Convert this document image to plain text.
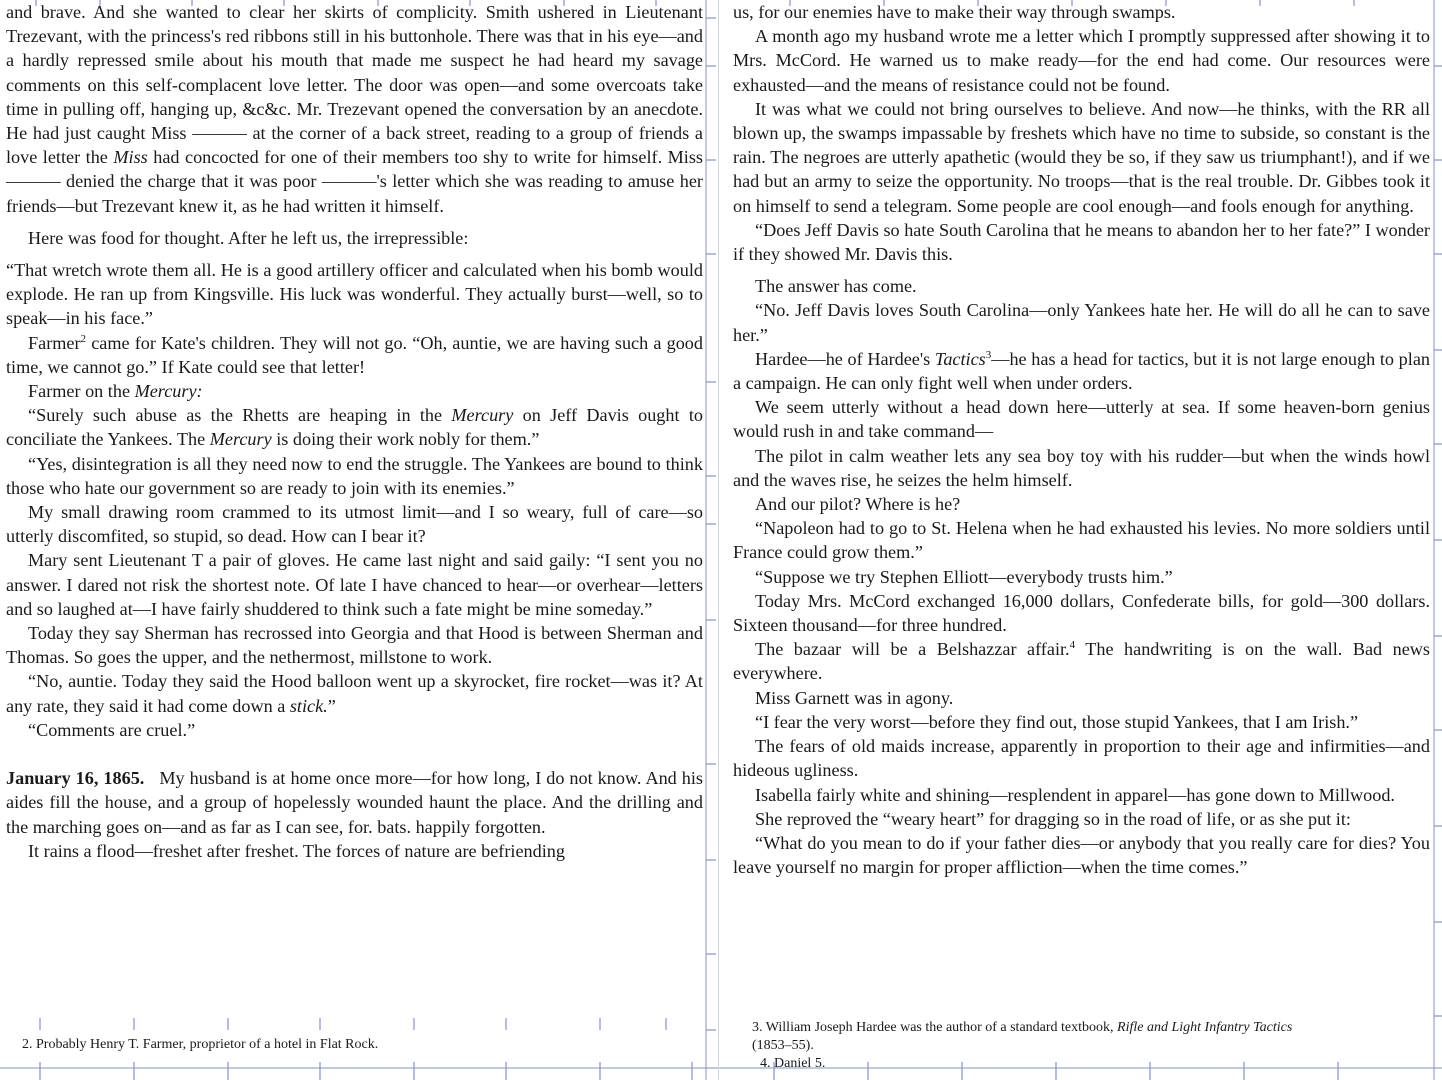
and brave. And she wanted to clear her skirts of complicity. Smith ushered in Lieutenant Trezevant, with the princess's red ribbons still in his buttonhole. There was that in his eye—and a hardly repressed smile about his mouth that made me suspect he had heard my savage comments on this self-complacent love letter. The door was open—and some overcoats take time in pulling off, hanging up, &c&c. Mr. Trezevant opened the conversation by an anecdote. He had just caught Miss ——— at the corner of a back street, reading to a group of friends a love letter the Miss had concocted for one of their members too shy to write for himself. Miss ——— denied the charge that it was poor ———'s letter which she was reading to amuse her friends—but Trezevant knew it, as he had written it himself.

Here was food for thought. After he left us, the irrepressible:

“That wretch wrote them all. He is a good artillery officer and calculated when his bomb would explode. He ran up from Kingsville. His luck was wonderful. They actually burst—well, so to speak—in his face.”

Farmer$^2$ came for Kate's children. They will not go. “Oh, auntie, we are having such a good time, we cannot go.” If Kate could see that letter!

Farmer on the Mercury:

“Surely such abuse as the Rhetts are heaping in the Mercury on Jeff Davis ought to conciliate the Yankees. The Mercury is doing their work nobly for them.”

“Yes, disintegration is all they need now to end the struggle. The Yankees are bound to think those who hate our government so are ready to join with its enemies.”

My small drawing room crammed to its utmost limit—and I so weary, full of care—so utterly discomfited, so stupid, so dead. How can I bear it?

Mary sent Lieutenant T a pair of gloves. He came last night and said gaily: “I sent you no answer. I dared not risk the shortest note. Of late I have chanced to hear—or overhear—letters and so laughed at—I have fairly shuddered to think such a fate might be mine someday.”

Today they say Sherman has recrossed into Georgia and that Hood is between Sherman and Thomas. So goes the upper, and the nethermost, millstone to work.

“No, auntie. Today they said the Hood balloon went up a skyrocket, fire rocket—was it? At any rate, they said it had come down a stick.”

“Comments are cruel.”

January 16, 1865. My husband is at home once more—for how long, I do not know. And his aides fill the house, and a group of hopelessly wounded haunt the place. And the drilling and the marching goes on—and as far as I can see, for. bats. happily forgotten.

It rains a flood—freshet after freshet. The forces of nature are befriending

us, for our enemies have to make their way through swamps.

A month ago my husband wrote me a letter which I promptly suppressed after showing it to Mrs. McCord. He warned us to make ready—for the end had come. Our resources were exhausted—and the means of resistance could not be found.

It was what we could not bring ourselves to believe. And now—he thinks, with the RR all blown up, the swamps impassable by freshets which have no time to subside, so constant is the rain. The negroes are utterly apathetic (would they be so, if they saw us triumphant!), and if we had but an army to seize the opportunity. No troops—that is the real trouble. Dr. Gibbes took it on himself to send a telegram. Some people are cool enough—and fools enough for anything.

“Does Jeff Davis so hate South Carolina that he means to abandon her to her fate?” I wonder if they showed Mr. Davis this.

The answer has come.

“No. Jeff Davis loves South Carolina—only Yankees hate her. He will do all he can to save her.”

Hardee—he of Hardee's Tactics$^3$—he has a head for tactics, but it is not large enough to plan a campaign. He can only fight well when under orders.

We seem utterly without a head down here—utterly at sea. If some heaven-born genius would rush in and take command—

The pilot in calm weather lets any sea boy toy with his rudder—but when the winds howl and the waves rise, he seizes the helm himself.

And our pilot? Where is he?

“Napoleon had to go to St. Helena when he had exhausted his levies. No more soldiers until France could grow them.”

“Suppose we try Stephen Elliott—everybody trusts him.”

Today Mrs. McCord exchanged 16,000 dollars, Confederate bills, for gold—300 dollars. Sixteen thousand—for three hundred.

The bazaar will be a Belshazzar affair.$^4$ The handwriting is on the wall. Bad news everywhere.

Miss Garnett was in agony.

“I fear the very worst—before they find out, those stupid Yankees, that I am Irish.”

The fears of old maids increase, apparently in proportion to their age and infirmities—and hideous ugliness.

Isabella fairly white and shining—resplendent in apparel—has gone down to Millwood.

She reproved the “weary heart” for dragging so in the road of life, or as she put it:

“What do you mean to do if your father dies—or anybody that you really care for dies? You leave yourself no margin for proper affliction—when the time comes.”

2. Probably Henry T. Farmer, proprietor of a hotel in Flat Rock.

3. William Joseph Hardee was the author of a standard textbook, Rifle and Light Infantry Tactics

(1853–55).

4. Daniel 5.
